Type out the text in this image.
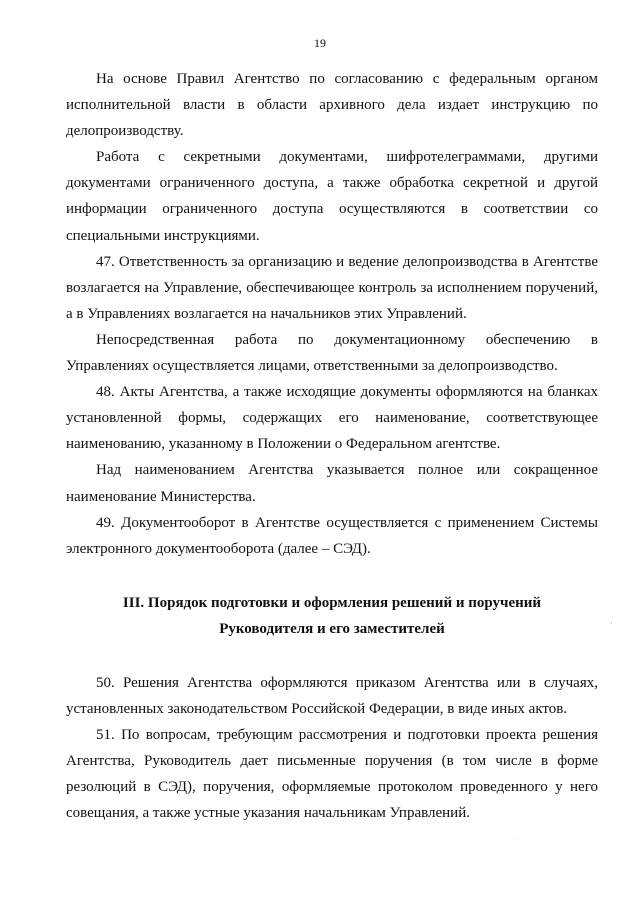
19

На основе Правил Агентство по согласованию с федеральным органом исполнительной власти в области архивного дела издает инструкцию по делопроизводству.

Работа с секретными документами, шифротелеграммами, другими документами ограниченного доступа, а также обработка секретной и другой информации ограниченного доступа осуществляются в соответствии со специальными инструкциями.

47. Ответственность за организацию и ведение делопроизводства в Агентстве возлагается на Управление, обеспечивающее контроль за исполнением поручений, а в Управлениях возлагается на начальников этих Управлений.

Непосредственная работа по документационному обеспечению в Управлениях осуществляется лицами, ответственными за делопроизводство.

48. Акты Агентства, а также исходящие документы оформляются на бланках установленной формы, содержащих его наименование, соответствующее наименованию, указанному в Положении о Федеральном агентстве.

Над наименованием Агентства указывается полное или сокращенное наименование Министерства.

49. Документооборот в Агентстве осуществляется с применением Системы электронного документооборота (далее – СЭД).

III. Порядок подготовки и оформления решений и поручений

Руководителя и его заместителей

50. Решения Агентства оформляются приказом Агентства или в случаях, установленных законодательством Российской Федерации, в виде иных актов.

51. По вопросам, требующим рассмотрения и подготовки проекта решения Агентства, Руководитель дает письменные поручения (в том числе в форме резолюций в СЭД), поручения, оформляемые протоколом проведенного у него совещания, а также устные указания начальникам Управлений.
